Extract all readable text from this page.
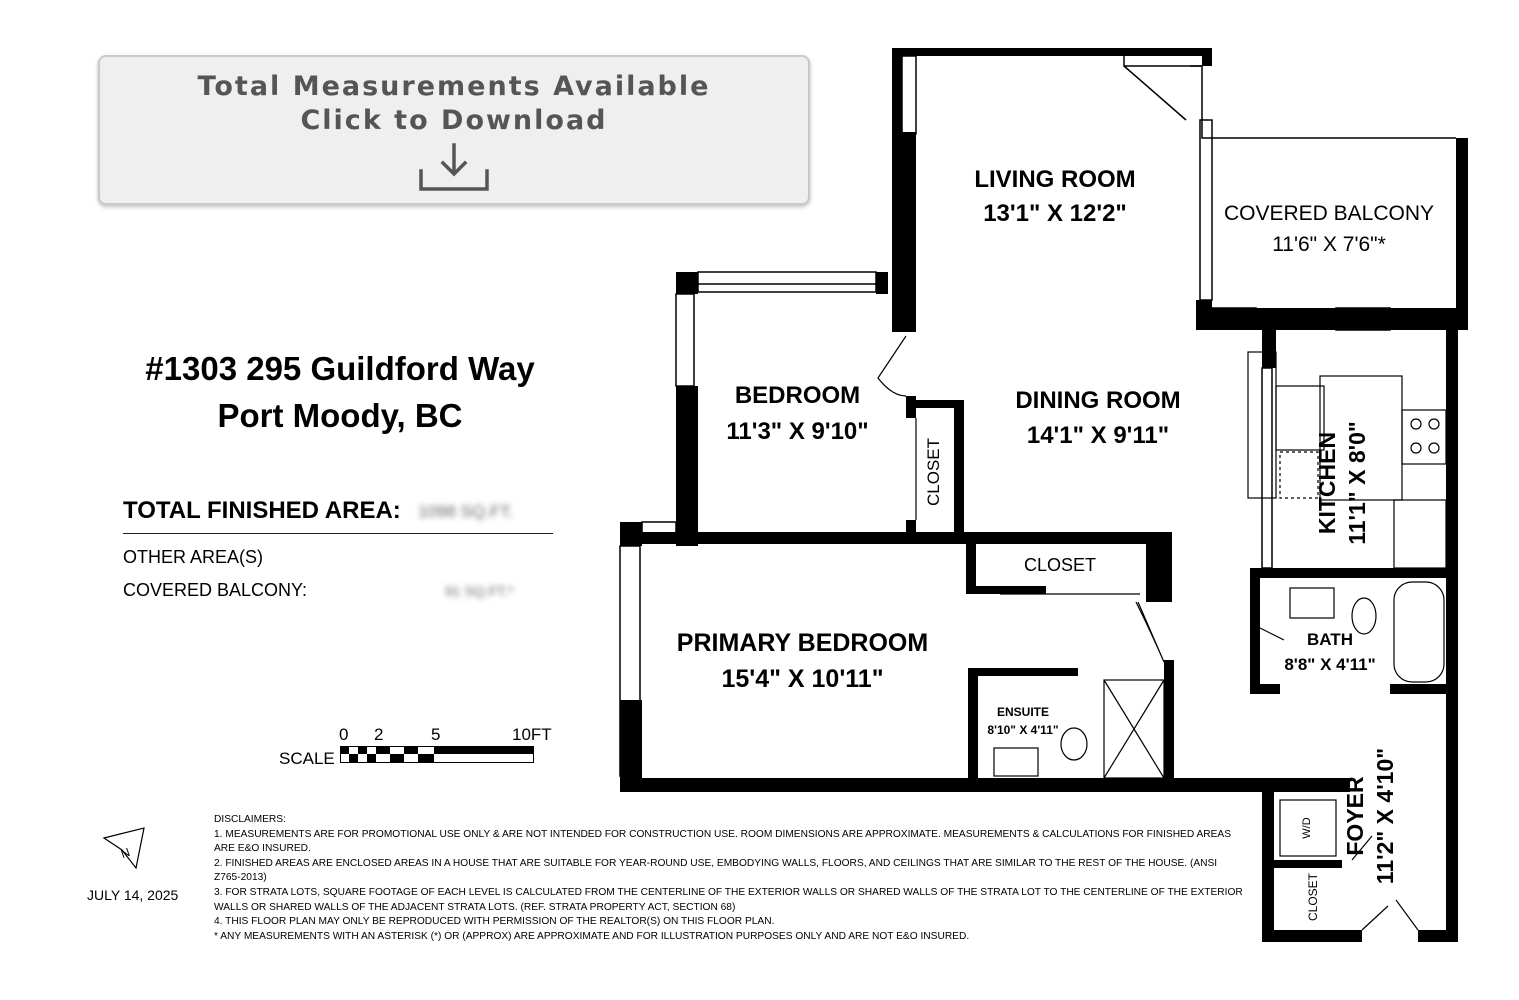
Total Measurements Available
Click to Download
#1303 295 Guildford Way
Port Moody, BC
TOTAL FINISHED AREA: 1098 SQ.FT.
OTHER AREA(S)
COVERED BALCONY:	91 SQ.FT.*
SCALE
0 2	5	10FT
LIVING ROOM
13'1" X 12'2"	COVERED BALCONY
11'6" X 7'6"*
BEDROOM
11'3" X 9'10"
DINING ROOM
14'1" X 9'11"	KITCHEN 11'1" X 8'0"
CLOSET
CLOSET
PRIMARY BEDROOM
15'4" X 10'11"
BATH
8'8" X 4'11"
ENSUITE
8'10" X 4'11"
FOYER 11'2" X 4'10"
CLOSET
W/D
N
DISCLAIMERS:
1. MEASUREMENTS ARE FOR PROMOTIONAL USE ONLY & ARE NOT INTENDED FOR CONSTRUCTION USE. ROOM DIMENSIONS ARE APPROXIMATE. MEASUREMENTS & CALCULATIONS FOR FINISHED AREAS ARE E&O INSURED.
2. FINISHED AREAS ARE ENCLOSED AREAS IN A HOUSE THAT ARE SUITABLE FOR YEAR-ROUND USE, EMBODYING WALLS, FLOORS, AND CEILINGS THAT ARE SIMILAR TO THE REST OF THE HOUSE. (ANSI Z765-2013)
3. FOR STRATA LOTS, SQUARE FOOTAGE OF EACH LEVEL IS CALCULATED FROM THE CENTERLINE OF THE EXTERIOR WALLS OR SHARED WALLS OF THE STRATA LOT TO THE CENTERLINE OF THE EXTERIOR WALLS OR SHARED WALLS OF THE ADJACENT STRATA LOTS. (REF. STRATA PROPERTY ACT, SECTION 68)
4. THIS FLOOR PLAN MAY ONLY BE REPRODUCED WITH PERMISSION OF THE REALTOR(S) ON THIS FLOOR PLAN.
* ANY MEASUREMENTS WITH AN ASTERISK (*) OR (APPROX) ARE APPROXIMATE AND FOR ILLUSTRATION PURPOSES ONLY AND ARE NOT E&O INSURED.
JULY 14, 2025
